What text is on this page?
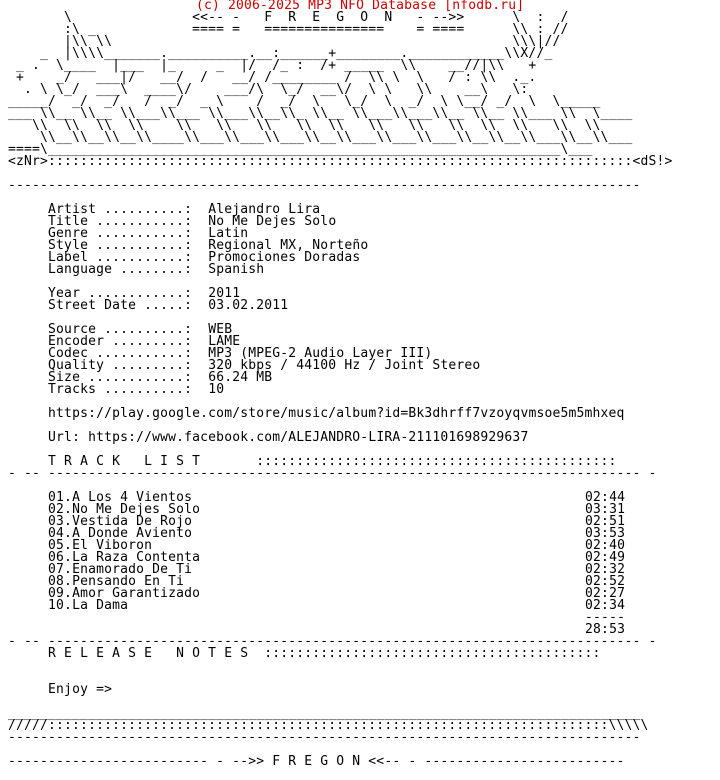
(c) 2006-2025 MP3 NFO Database [nfodb.ru]
\               <<-- -   F  R  E  G  O  N   - -->>      \  :  /
:\ _            ==== =   ===============    = ====      \\ : //
|\\ \\                                                  \\\|//
_  |\\\\_______.__________.__:______+________.____________\\X//_
_ .  \____  |___  |_     _  |/  /_ :  /+ _____  \\    __//|\\   +
+    _/   ___|/   __/  /   __/ /________ /  \\ \  \   / : \\  ._.
. \ \_/  ___\  ____\/    ___/\  \_/  __\/  \ \   \\    __\   \:
_____/  _/  _/   /  _/  _ \    /  _/  \   \_/  \  _/  \ \__/ _/  \  \_____
___ \\__ \\__ \\___\\___ \\___\\__\\_ \\__ \\___\\___\\__ \\__ \\___ \\  \____
\\  \\  \\  \\    \\   \\   \\   \\  \\   \\   \\   \\  \\  \\   \\  \\
\\__\\__\\__\\____\\___\\___\\___\\__\\___\\___\\___\\__\\__\\___\\__\\___
====\________________________________________________________________\___
<zNr>:::::::::::::::::::::::::::::::::::::::::::::::::::::::::::::::::::::::::<dS!>
-------------------------------------------------------------------------------
Artist ..........:  Alejandro Lira
Title ...........:  No Me Dejes Solo
Genre ...........:  Latin
Style ...........:  Regional MX, Norteño
Label ...........:  Promociones Doradas
Language ........:  Spanish
Year ............:  2011
Street Date .....:  03.02.2011
Source ..........:  WEB
Encoder .........:  LAME
Codec ...........:  MP3 (MPEG-2 Audio Layer III)
Quality .........:  320 kbps / 44100 Hz / Joint Stereo
Size ............:  66.24 MB
Tracks ..........:  10
https://play.google.com/store/music/album?id=Bk3dhrff7vzoyqvmsoe5m5mhxeq
Url: https://www.facebook.com/ALEJANDRO-LIRA-211101698929637
T R A C K   L I S T       :::::::::::::::::::::::::::::::::::::::::::::
- -- -------------------------------------------------------------------------- -
01.A Los 4 Vientos	02:44
02.No Me Dejes Solo	03:31
03.Vestida De Rojo	02:51
04.A Donde Aviento	03:53
05.El Viboron	02:40
06.La Raza Contenta	02:49
07.Enamorado De Ti	02:32
08.Pensando En Ti	02:52
09.Amor Garantizado	02:27
10.La Dama	02:34
-----
28:53
- -- -------------------------------------------------------------------------- -
R E L E A S E   N O T E S  ::::::::::::::::::::::::::::::::::::::::::
Enjoy =>
_______________________________________________________________________________
/////::::::::::::::::::::::::::::::::::::::::::::::::::::::::::::::::::::::\\\\\
-------------------------------------------------------------------------------
------------------------- - -->> F R E G O N <<-- - -------------------------
